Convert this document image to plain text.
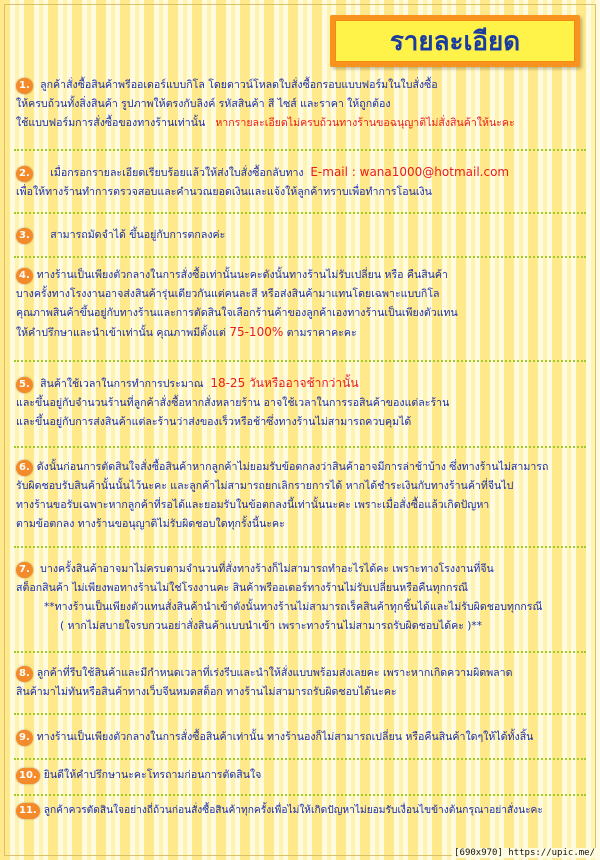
รายละเอียด

1. ลูกค้าสั่งซื้อสินค้าพรีออเดอร์แบบกิโล โดยดาวน์โหลดใบสั่งซื้อกรอบแบบฟอร์มในใบสั่งซื้อ

ให้ครบถ้วนทั้งสิ่งสินค้า รูปภาพให้ตรงกับลิงค์ รหัสสินค้า สี ไซส์ และราคา ให้ถูกต้อง

ใช้แบบฟอร์มการสั่งซื้อของทางร้านเท่านั้น หากรายละเอียดไม่ครบถ้วนทางร้านขอฉนุญาติไม่สั่งสินค้าให้นะคะ

2. เมื่อกรอกรายละเอียดเรียบร้อยแล้วให้ส่งใบสั่งซื้อกลับทาง E-mail : wana1000@hotmail.com

เพื่อให้ทางร้านทำการตรวจสอบและคำนวณยอดเงินและแจ้งให้ลูกค้าทราบเพื่อทำการโอนเงิน

3. สามารถมัดจำได้ ขึ้นอยู่กับการตกลงค่ะ

4. ทางร้านเป็นเพียงตัวกลางในการสั่งซื้อเท่านั้นนะคะดังนั้นทางร้านไม่รับเปลี่ยน หรือ คืนสินค้า

บางครั้งทางโรงงานอาจส่งสินค้ารุ่นเดียวกันแต่คนละสี หรือส่งสินค้ามาแทนโดยเฉพาะแบบกิโล

คุณภาพสินค้าขึ้นอยู่กับทางร้านและการตัดสินใจเลือกร้านค้าของลูกค้าเองทางร้านเป็นเพียงตัวแทน

ให้คำปรึกษาและนำเข้าเท่านั้น คุณภาพมีตั้งแต่ 75-100% ตามราคาคะคะ

5. สินค้าใช้เวลาในการทำการประมาณ 18-25 วันหรืออาจช้ากว่านั้น

และขึ้นอยู่กับจำนวนร้านที่ลูกค้าสั่งซื้อหากสั่งหลายร้าน อาจใช้เวลาในการรอสินค้าของแต่ละร้าน

และขึ้นอยู่กับการส่งสินค้าแต่ละร้านว่าส่งของเร็วหรือช้าซึ่งทางร้านไม่สามารถควบคุมได้

6. ดังนั้นก่อนการตัดสินใจสั่งซื้อสินค้าหากลูกค้าไม่ยอมรับข้อตกลงว่าสินค้าอาจมีการล่าช้าบ้าง ซึ่งทางร้านไม่สามารถ

รับผิดชอบรับสินค้านั้นนั้นไว้นะคะ และลูกค้าไม่สามารถยกเลิกรายการได้ หากได้ชำระเงินกับทางร้านค้าที่จีนไป

ทางร้านขอรับเฉพาะหากลูกค้าที่รอได้และยอมรับในข้อตกลงนี้เท่านั้นนะคะ เพราะเมื่อสั่งซื้อแล้วเกิดปัญหา

ตามข้อตกลง ทางร้านขอนุญาติไม่รับผิดชอบใดทุกรั้งนี้นะคะ

7. บางครั้งสินค้าอาจมาไม่ครบตามจำนวนที่สั่งทางร้างก็ไม่สามารถทำอะไรได้คะ เพราะทางโรงงานที่จีน

สต็อกสินค้า ไม่เพียงพอทางร้านไม่ใช่โรงงานคะ สินค้าพรีออเดอร์ทางร้านไม่รับเปลี่ยนหรือคืนทุกกรณี

**ทางร้านเป็นเพียงตัวแทนสั่งสินค้านำเข้าดังนั้นทางร้านไม่สามารถเร็คสินค้าทุกชิ้นได้และไม่รับผิดชอบทุกกรณี

( หากไม่สบายใจรบกวนอย่าสั่งสินค้าแบบนำเข้า เพราะทางร้านไม่สามารถรับผิดชอบได้คะ )**

8. ลูกค้าที่รีบใช้สินค้าและมีกำหนดเวลาที่เร่งรีบและนำให้สั่งแบบพร้อมส่งเลยคะ เพราะหากเกิดความผิดพลาด

สินค้ามาไม่ทันหรือสินค้าทางเว็บจีนหมดสต็อก ทางร้านไม่สามารถรับผิดชอบได้นะคะ

9. ทางร้านเป็นเพียงตัวกลางในการสั่งซื้อสินค้าเท่านั้น ทางร้านองก็ไม่สามารถเปลี่ยน หรือคืนสินค้าใดๆให้ได้ทั้งสิ้น

10. ยินดีให้คำปรึกษานะคะโทรถามก่อนการตัดสินใจ

11. ลูกค้าควรตัดสินใจอย่างถี่ถ้วนก่อนสั่งซื้อสินค้าทุกครั้งเพื่อไม่ให้เกิดปัญหาไม่ยอมรับเงื่อนไขข้างต้นกรุณาอย่าสั่งนะคะ

[690x970] https://upic.me/
